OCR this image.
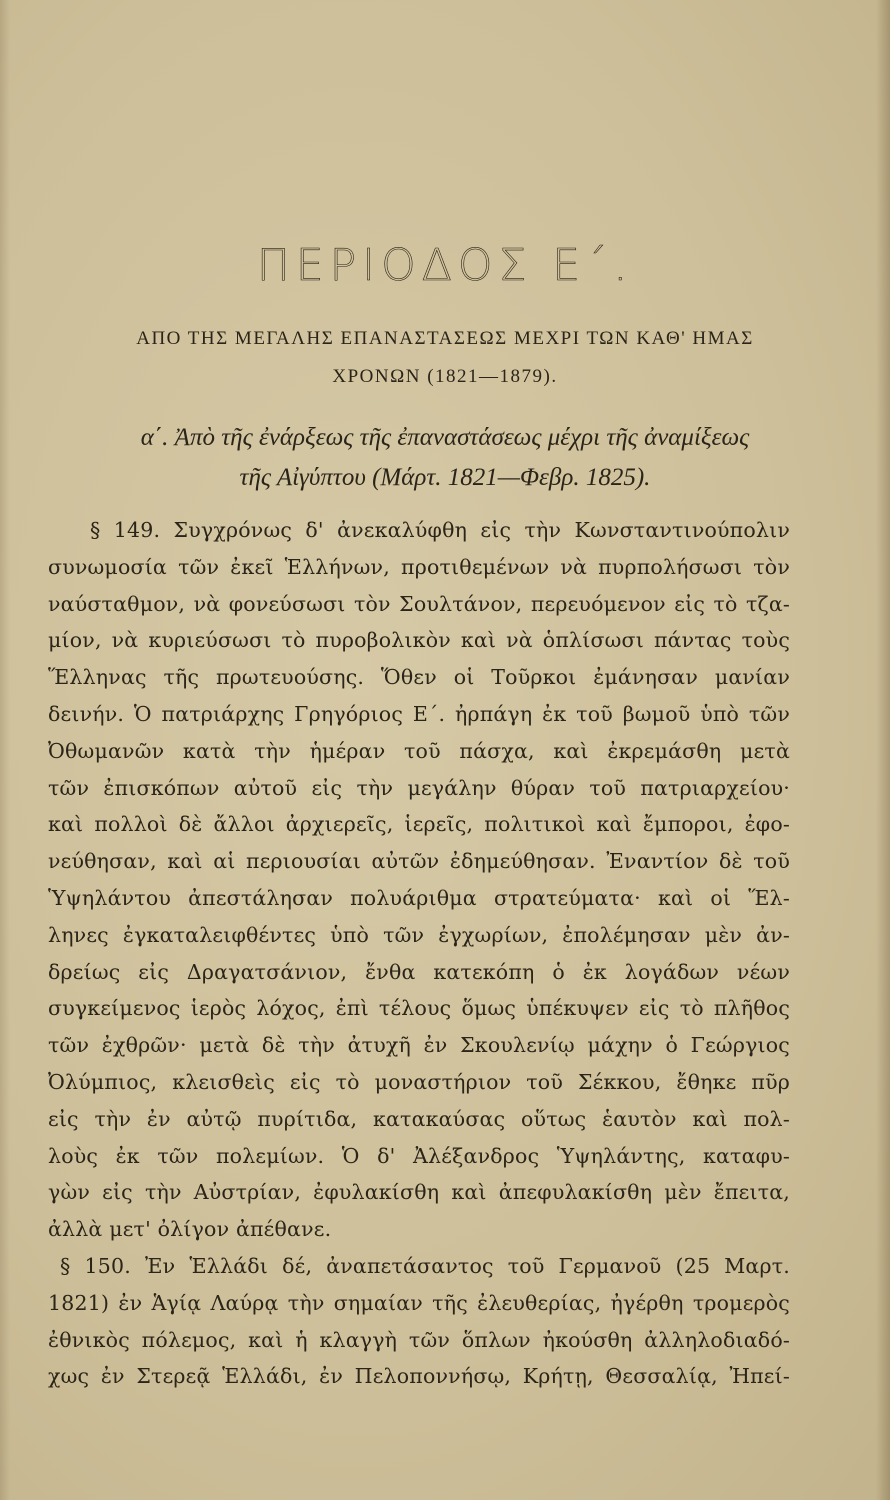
ΠΕΡΙΟΔΟΣ Ε΄.
ΑΠΟ ΤΗΣ ΜΕΓΑΛΗΣ ΕΠΑΝΑΣΤΑΣΕΩΣ ΜΕΧΡΙ ΤΩΝ ΚΑΘ' ΗΜΑΣ
ΧΡΟΝΩΝ (1821—1879).
α΄. Ἀπὸ τῆς ἐνάρξεως τῆς ἐπαναστάσεως μέχρι τῆς ἀναμίξεως
τῆς Αἰγύπτου (Μάρτ. 1821—Φεβρ. 1825).
§ 149. Συγχρόνως δ' ἀνεκαλύφθη εἰς τὴν Κωνσταντινούπολιν
συνωμοσία τῶν ἐκεῖ Ἑλλήνων, προτιθεμένων νὰ πυρπολήσωσι τὸν
ναύσταθμον, νὰ φονεύσωσι τὸν Σουλτάνον, περευόμενον εἰς τὸ τζα-
μίον, νὰ κυριεύσωσι τὸ πυροβολικὸν καὶ νὰ ὁπλίσωσι πάντας τοὺς
Ἕλληνας τῆς πρωτευούσης. Ὅθεν οἱ Τοῦρκοι ἐμάνησαν μανίαν
δεινήν. Ὁ πατριάρχης Γρηγόριος Ε΄. ἠρπάγη ἐκ τοῦ βωμοῦ ὑπὸ τῶν
Ὀθωμανῶν κατὰ τὴν ἡμέραν τοῦ πάσχα, καὶ ἐκρεμάσθη μετὰ
τῶν ἐπισκόπων αὐτοῦ εἰς τὴν μεγάλην θύραν τοῦ πατριαρχείου·
καὶ πολλοὶ δὲ ἄλλοι ἀρχιερεῖς, ἱερεῖς, πολιτικοὶ καὶ ἔμποροι, ἐφο-
νεύθησαν, καὶ αἱ περιουσίαι αὐτῶν ἐδημεύθησαν. Ἐναντίον δὲ τοῦ
Ὑψηλάντου ἀπεστάλησαν πολυάριθμα στρατεύματα· καὶ οἱ Ἕλ-
ληνες ἐγκαταλειφθέντες ὑπὸ τῶν ἐγχωρίων, ἐπολέμησαν μὲν ἀν-
δρείως εἰς Δραγατσάνιον, ἔνθα κατεκόπη ὁ ἐκ λογάδων νέων
συγκείμενος ἱερὸς λόχος, ἐπὶ τέλους ὅμως ὑπέκυψεν εἰς τὸ πλῆθος
τῶν ἐχθρῶν· μετὰ δὲ τὴν ἀτυχῆ ἐν Σκουλενίῳ μάχην ὁ Γεώργιος
Ὀλύμπιος, κλεισθεὶς εἰς τὸ μοναστήριον τοῦ Σέκκου, ἔθηκε πῦρ
εἰς τὴν ἐν αὐτῷ πυρίτιδα, κατακαύσας οὕτως ἑαυτὸν καὶ πολ-
λοὺς ἐκ τῶν πολεμίων. Ὁ δ' Ἀλέξανδρος Ὑψηλάντης, καταφυ-
γὼν εἰς τὴν Αὐστρίαν, ἐφυλακίσθη καὶ ἀπεφυλακίσθη μὲν ἔπειτα,
ἀλλὰ μετ' ὀλίγον ἀπέθανε.
§ 150. Ἐν Ἑλλάδι δέ, ἀναπετάσαντος τοῦ Γερμανοῦ (25 Μαρτ.
1821) ἐν Ἁγίᾳ Λαύρᾳ τὴν σημαίαν τῆς ἐλευθερίας, ἠγέρθη τρομερὸς
ἐθνικὸς πόλεμος, καὶ ἡ κλαγγὴ τῶν ὅπλων ἠκούσθη ἀλληλοδιαδό-
χως ἐν Στερεᾷ Ἑλλάδι, ἐν Πελοποννήσῳ, Κρήτῃ, Θεσσαλίᾳ, Ἠπεί-
